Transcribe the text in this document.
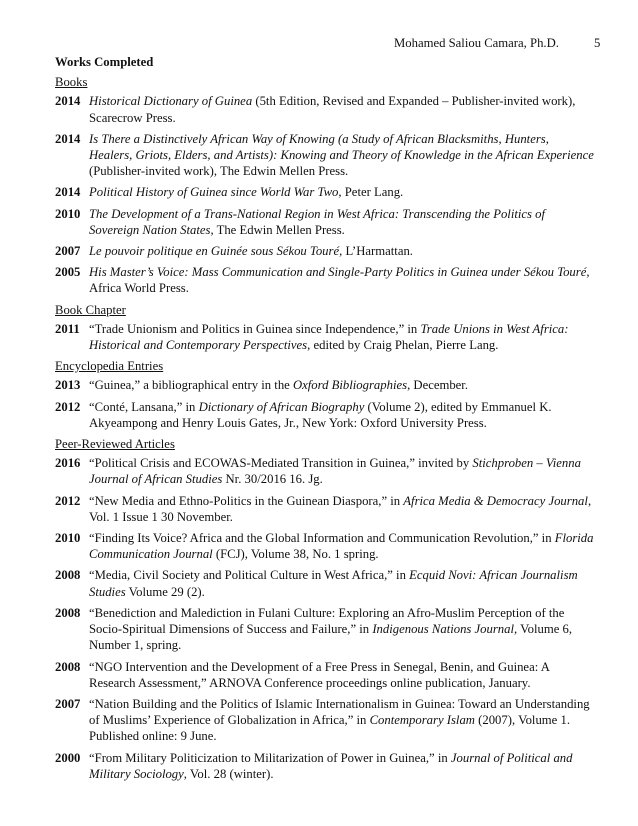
Mohamed Saliou Camara, Ph.D.	5
Works Completed
Books
2014 Historical Dictionary of Guinea (5th Edition, Revised and Expanded – Publisher-invited work), Scarecrow Press.
2014 Is There a Distinctively African Way of Knowing (a Study of African Blacksmiths, Hunters, Healers, Griots, Elders, and Artists): Knowing and Theory of Knowledge in the African Experience (Publisher-invited work), The Edwin Mellen Press.
2014 Political History of Guinea since World War Two, Peter Lang.
2010 The Development of a Trans-National Region in West Africa: Transcending the Politics of Sovereign Nation States, The Edwin Mellen Press.
2007 Le pouvoir politique en Guinée sous Sékou Touré, L’Harmattan.
2005 His Master’s Voice: Mass Communication and Single-Party Politics in Guinea under Sékou Touré, Africa World Press.
Book Chapter
2011 “Trade Unionism and Politics in Guinea since Independence,” in Trade Unions in West Africa: Historical and Contemporary Perspectives, edited by Craig Phelan, Pierre Lang.
Encyclopedia Entries
2013 “Guinea,” a bibliographical entry in the Oxford Bibliographies, December.
2012 “Conté, Lansana,” in Dictionary of African Biography (Volume 2), edited by Emmanuel K. Akyeampong and Henry Louis Gates, Jr., New York: Oxford University Press.
Peer-Reviewed Articles
2016 “Political Crisis and ECOWAS-Mediated Transition in Guinea,” invited by Stichproben – Vienna Journal of African Studies Nr. 30/2016 16. Jg.
2012 “New Media and Ethno-Politics in the Guinean Diaspora,” in Africa Media & Democracy Journal, Vol. 1 Issue 1 30 November.
2010 “Finding Its Voice? Africa and the Global Information and Communication Revolution,” in Florida Communication Journal (FCJ), Volume 38, No. 1 spring.
2008 “Media, Civil Society and Political Culture in West Africa,” in Ecquid Novi: African Journalism Studies Volume 29 (2).
2008 “Benediction and Malediction in Fulani Culture: Exploring an Afro-Muslim Perception of the Socio-Spiritual Dimensions of Success and Failure,” in Indigenous Nations Journal, Volume 6, Number 1, spring.
2008 “NGO Intervention and the Development of a Free Press in Senegal, Benin, and Guinea: A Research Assessment,” ARNOVA Conference proceedings online publication, January.
2007 “Nation Building and the Politics of Islamic Internationalism in Guinea: Toward an Understanding of Muslims’ Experience of Globalization in Africa,” in Contemporary Islam (2007), Volume 1. Published online: 9 June.
2000 “From Military Politicization to Militarization of Power in Guinea,” in Journal of Political and Military Sociology, Vol. 28 (winter).
